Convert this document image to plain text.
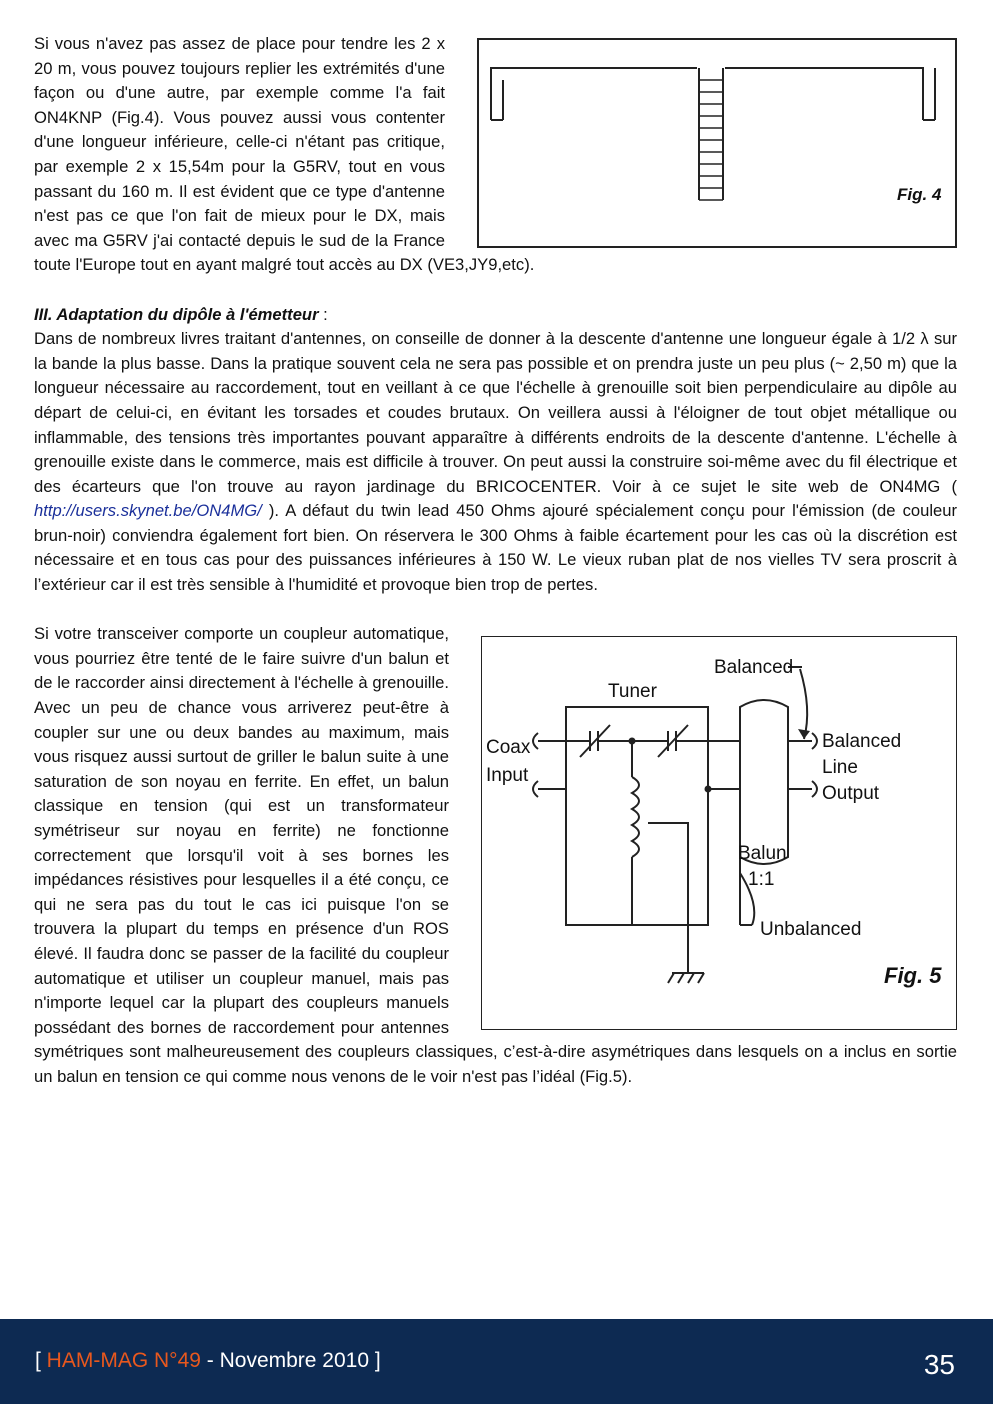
Fig. 4

Si vous n'avez pas assez de place pour tendre les 2 x 20 m, vous pouvez toujours replier les extrémités d'une façon ou d'une autre, par exemple comme l'a fait ON4KNP (Fig.4). Vous pouvez aussi vous contenter d'une longueur inférieure, celle-ci n'étant pas critique, par exemple 2 x 15,54m pour la G5RV, tout en vous passant du 160 m. Il est évident que ce type d'antenne n'est pas ce que l'on fait de mieux pour le DX, mais avec ma G5RV j'ai contacté depuis le sud de la France toute l'Europe tout en ayant malgré tout accès au DX (VE3,JY9,etc).

III. Adaptation du dipôle à l'émetteur :

Dans de nombreux livres traitant d'antennes, on conseille de donner à la descente d'antenne une longueur égale à 1/2 λ sur la bande la plus basse. Dans la pratique souvent cela ne sera pas possible et on prendra juste un peu plus (~ 2,50 m) que la longueur nécessaire au raccordement, tout en veillant à ce que l'échelle à grenouille soit bien perpendiculaire au dipôle au départ de celui-ci, en évitant les torsades et coudes brutaux. On veillera aussi à l'éloigner de tout objet métallique ou inflammable, des tensions très importantes pouvant apparaître à différents endroits de la descente d'antenne. L'échelle à grenouille existe dans le commerce, mais est difficile à trouver. On peut aussi la construire soi-même avec du fil électrique et des écarteurs que l'on trouve au rayon jardinage du BRICOCENTER. Voir à ce sujet le site web de ON4MG ( http://users.skynet.be/ON4MG/ ). A défaut du twin lead 450 Ohms ajouré spécialement conçu pour l'émission (de couleur brun-noir) conviendra également fort bien. On réservera le 300 Ohms à faible écartement pour les cas où la discrétion est nécessaire et en tous cas pour des puissances inférieures à 150 W. Le vieux ruban plat de nos vielles TV sera proscrit à l’extérieur car il est très sensible à l'humidité et provoque bien trop de pertes.

Balanced
Tuner
Coax
Input
Balanced
Line
Output
Balun
1:1
Unbalanced
Fig. 5

Si votre transceiver comporte un coupleur automatique, vous pourriez être tenté de le faire suivre d'un balun et de le raccorder ainsi directement à l'échelle à grenouille. Avec un peu de chance vous arriverez peut-être à coupler sur une ou deux bandes au maximum, mais vous risquez aussi surtout de griller le balun suite à une saturation de son noyau en ferrite. En effet, un balun classique en tension (qui est un transformateur symétriseur sur noyau en ferrite) ne fonctionne correctement que lorsqu'il voit à ses bornes les impédances résistives pour lesquelles il a été conçu, ce qui ne sera pas du tout le cas ici puisque l'on se trouvera la plupart du temps en présence d'un ROS élevé. Il faudra donc se passer de la facilité du coupleur automatique et utiliser un coupleur manuel, mais pas n'importe lequel car la plupart des coupleurs manuels possédant des bornes de raccordement pour antennes symétriques sont malheureusement des coupleurs classiques, c’est-à-dire asymétriques dans lesquels on a inclus en sortie un balun en tension ce qui comme nous venons de le voir n'est pas l’idéal (Fig.5).

[ HAM-MAG N°49 - Novembre 2010 ]	35
